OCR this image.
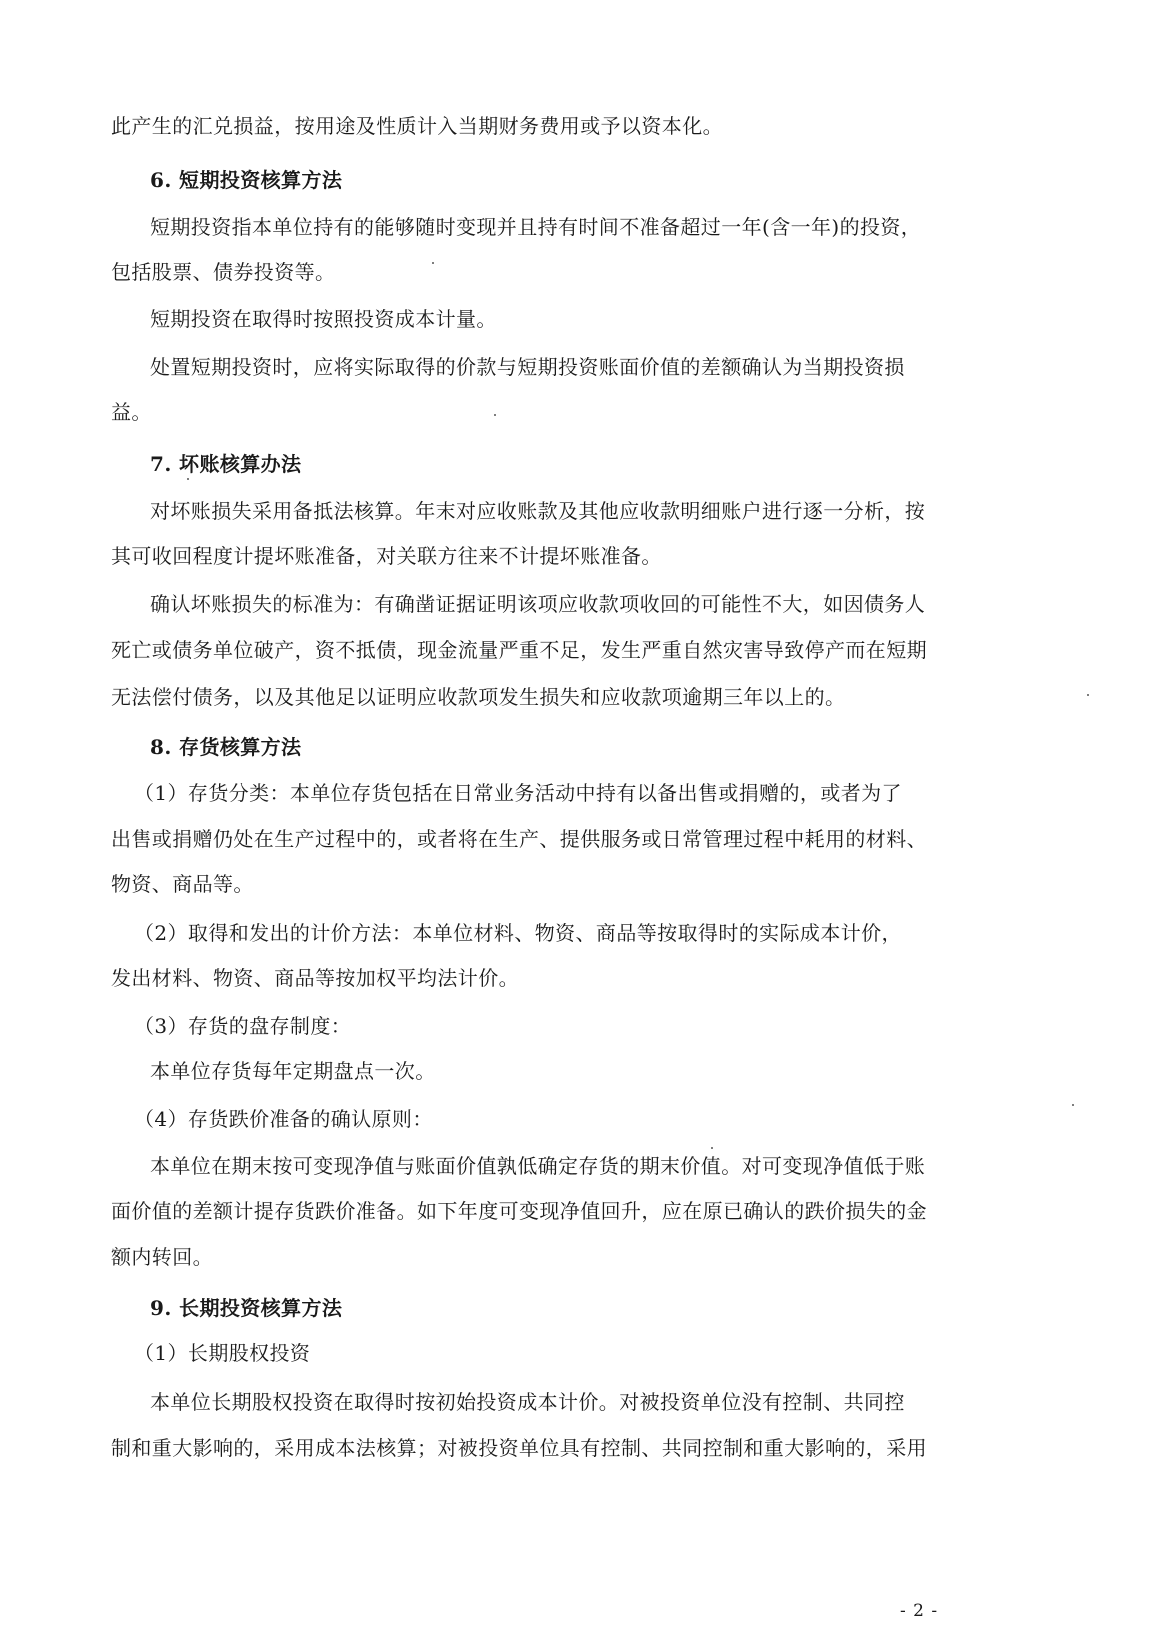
此产生的汇兑损益，按用途及性质计入当期财务费用或予以资本化。
6. 短期投资核算方法
短期投资指本单位持有的能够随时变现并且持有时间不准备超过一年(含一年)的投资，
包括股票、债券投资等。
短期投资在取得时按照投资成本计量。
处置短期投资时，应将实际取得的价款与短期投资账面价值的差额确认为当期投资损
益。
7. 坏账核算办法
对坏账损失采用备抵法核算。年末对应收账款及其他应收款明细账户进行逐一分析，按
其可收回程度计提坏账准备，对关联方往来不计提坏账准备。
确认坏账损失的标准为：有确凿证据证明该项应收款项收回的可能性不大，如因债务人
死亡或债务单位破产，资不抵债，现金流量严重不足，发生严重自然灾害导致停产而在短期
无法偿付债务，以及其他足以证明应收款项发生损失和应收款项逾期三年以上的。
8. 存货核算方法
（1）存货分类：本单位存货包括在日常业务活动中持有以备出售或捐赠的，或者为了
出售或捐赠仍处在生产过程中的，或者将在生产、提供服务或日常管理过程中耗用的材料、
物资、商品等。
（2）取得和发出的计价方法：本单位材料、物资、商品等按取得时的实际成本计价，
发出材料、物资、商品等按加权平均法计价。
（3）存货的盘存制度：
本单位存货每年定期盘点一次。
（4）存货跌价准备的确认原则：
本单位在期末按可变现净值与账面价值孰低确定存货的期末价值。对可变现净值低于账
面价值的差额计提存货跌价准备。如下年度可变现净值回升，应在原已确认的跌价损失的金
额内转回。
9. 长期投资核算方法
（1）长期股权投资
本单位长期股权投资在取得时按初始投资成本计价。对被投资单位没有控制、共同控
制和重大影响的，采用成本法核算；对被投资单位具有控制、共同控制和重大影响的，采用
- 2 -
